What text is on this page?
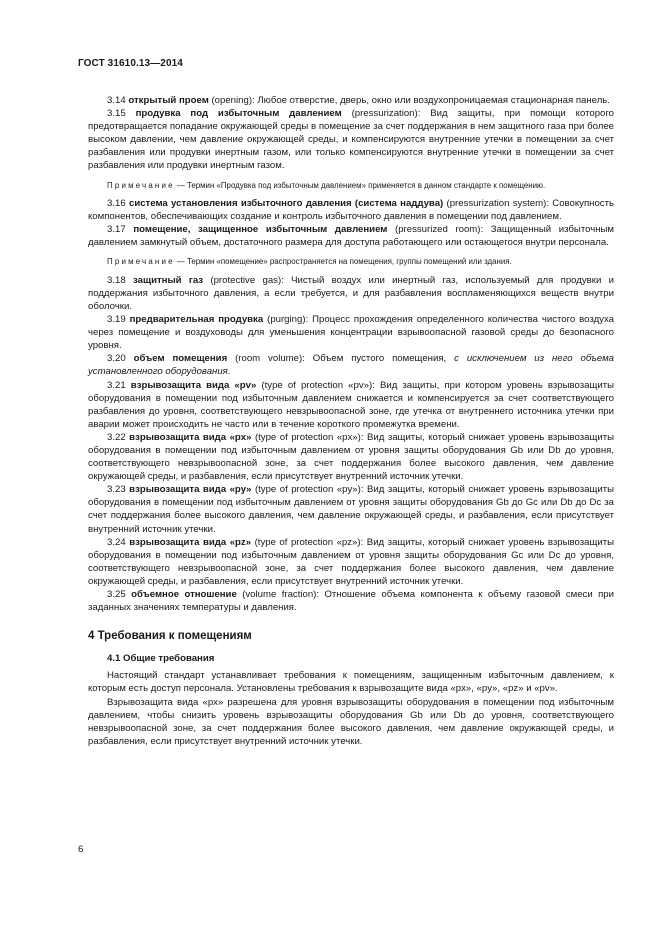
ГОСТ 31610.13—2014

3.14 открытый проем (opening): Любое отверстие, дверь, окно или воздухопроницаемая стационарная панель.

3.15 продувка под избыточным давлением (pressurization): Вид защиты, при помощи которого предотвращается попадание окружающей среды в помещение за счет поддержания в нем защитного газа при более высоком давлении, чем давление окружающей среды, и компенсируются внутренние утечки в помещении за счет разбавления или продувки инертным газом, или только компенсируются внутренние утечки в помещении за счет разбавления или продувки инертным газом.

Примечание — Термин «Продувка под избыточным давлением» применяется в данном стандарте к помещению.

3.16 система установления избыточного давления (система наддува) (pressurization system): Совокупность компонентов, обеспечивающих создание и контроль избыточного давления в помещении под давлением.

3.17 помещение, защищенное избыточным давлением (pressurized room): Защищенный избыточным давлением замкнутый объем, достаточного размера для доступа работающего или остающегося внутри персонала.

Примечание — Термин «помещение» распространяется на помещения, группы помещений или здания.

3.18 защитный газ (protective gas): Чистый воздух или инертный газ, используемый для продувки и поддержания избыточного давления, а если требуется, и для разбавления воспламеняющихся веществ внутри оболочки.

3.19 предварительная продувка (purging): Процесс прохождения определенного количества чистого воздуха через помещение и воздуховоды для уменьшения концентрации взрывоопасной газовой среды до безопасного уровня.

3.20 объем помещения (room volume): Объем пустого помещения, с исключением из него объема установленного оборудования.

3.21 взрывозащита вида «pv» (type of protection «pv»): Вид защиты, при котором уровень взрывозащиты оборудования в помещении под избыточным давлением снижается и компенсируется за счет соответствующего разбавления до уровня, соответствующего невзрывоопасной зоне, где утечка от внутреннего источника утечки при аварии может происходить не часто или в течение короткого промежутка времени.

3.22 взрывозащита вида «px» (type of protection «px»): Вид защиты, который снижает уровень взрывозащиты оборудования в помещении под избыточным давлением от уровня защиты оборудования Gb или Db до уровня, соответствующего невзрывоопасной зоне, за счет поддержания более высокого давления, чем давление окружающей среды, и разбавления, если присутствует внутренний источник утечки.

3.23 взрывозащита вида «py» (type of protection «py»): Вид защиты, который снижает уровень взрывозащиты оборудования в помещении под избыточным давлением от уровня защиты оборудования Gb до Gc или Db до Dc за счет поддержания более высокого давления, чем давление окружающей среды, и разбавления, если присутствует внутренний источник утечки.

3.24 взрывозащита вида «pz» (type of protection «pz»): Вид защиты, который снижает уровень взрывозащиты оборудования в помещении под избыточным давлением от уровня защиты оборудования Gc или Dc до уровня, соответствующего невзрывоопасной зоне, за счет поддержания более высокого давления, чем давление окружающей среды, и разбавления, если присутствует внутренний источник утечки.

3.25 объемное отношение (volume fraction): Отношение объема компонента к объему газовой смеси при заданных значениях температуры и давления.

4 Требования к помещениям
4.1 Общие требования

Настоящий стандарт устанавливает требования к помещениям, защищенным избыточным давлением, к которым есть доступ персонала. Установлены требования к взрывозащите вида «px», «py», «pz» и «pv».

Взрывозащита вида «px» разрешена для уровня взрывозащиты оборудования в помещении под избыточным давлением, чтобы снизить уровень взрывозащиты оборудования Gb или Db до уровня, соответствующего невзрывоопасной зоне, за счет поддержания более высокого давления, чем давление окружающей среды, и разбавления, если присутствует внутренний источник утечки.

6
